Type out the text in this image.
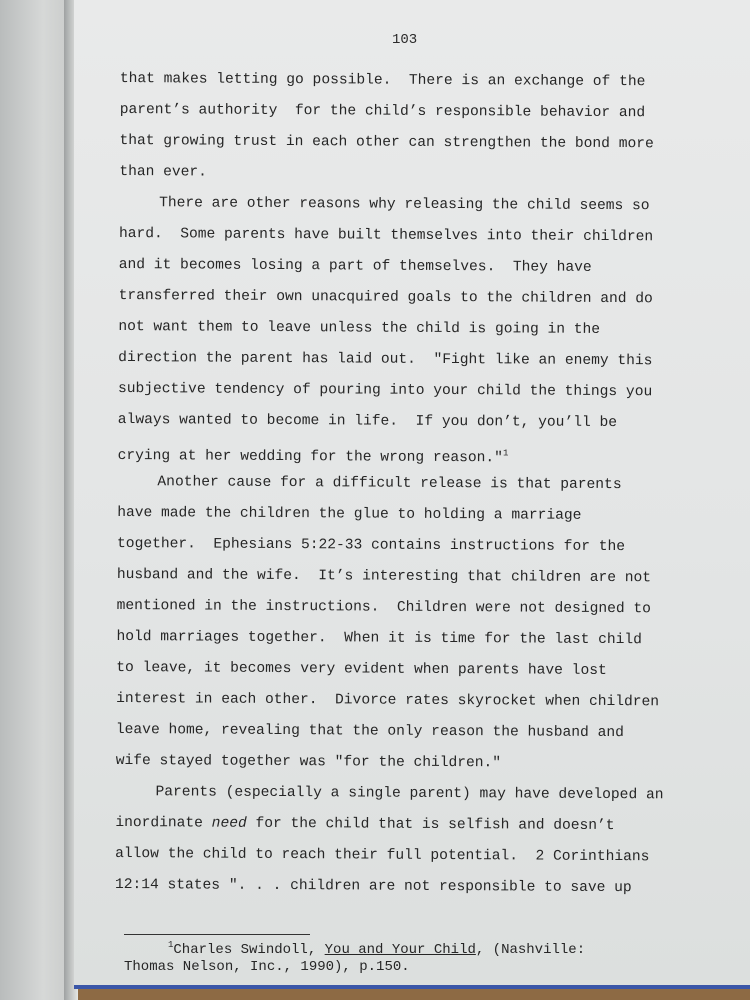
103
that makes letting go possible.  There is an exchange of the
parent’s authority  for the child’s responsible behavior and
that growing trust in each other can strengthen the bond more
than ever.
There are other reasons why releasing the child seems so
hard.  Some parents have built themselves into their children
and it becomes losing a part of themselves.  They have
transferred their own unacquired goals to the children and do
not want them to leave unless the child is going in the
direction the parent has laid out.  "Fight like an enemy this
subjective tendency of pouring into your child the things you
always wanted to become in life.  If you don’t, you’ll be
crying at her wedding for the wrong reason."$^1$
Another cause for a difficult release is that parents
have made the children the glue to holding a marriage
together.  Ephesians 5:22-33 contains instructions for the
husband and the wife.  It’s interesting that children are not
mentioned in the instructions.  Children were not designed to
hold marriages together.  When it is time for the last child
to leave, it becomes very evident when parents have lost
interest in each other.  Divorce rates skyrocket when children
leave home, revealing that the only reason the husband and
wife stayed together was "for the children."
Parents (especially a single parent) may have developed an
inordinate need for the child that is selfish and doesn’t
allow the child to reach their full potential.  2 Corinthians
12:14 states ". . . children are not responsible to save up
$^1$Charles Swindoll, You and Your Child, (Nashville:
Thomas Nelson, Inc., 1990), p.150.
